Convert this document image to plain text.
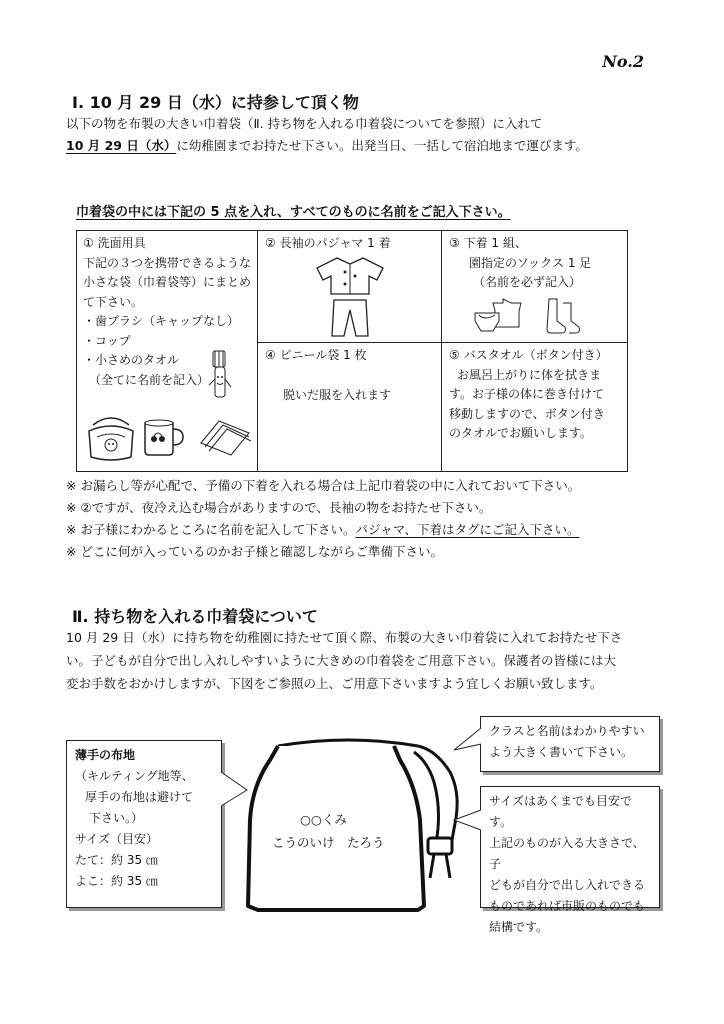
No.2
Ⅰ. 10 月 29 日（水）に持参して頂く物
以下の物を布製の大きい巾着袋（Ⅱ. 持ち物を入れる巾着袋についてを参照）に入れて
10 月 29 日（水）に幼稚園までお持たせ下さい。出発当日、一括して宿泊地まで運びます。
巾着袋の中には下記の 5 点を入れ、すべてのものに名前をご記入下さい。
① 洗面用具
下記の３つを携帯できるような
小さな袋（巾着袋等）にまとめ
て下さい。
・歯ブラシ（キャップなし）
・コップ
・小さめのタオル
（全てに名前を記入）
② 長袖のパジャマ 1 着	③ 下着 1 組、
園指定のソックス 1 足
（名前を必ず記入）
④ ビニール袋 1 枚
脱いだ服を入れます
⑤ バスタオル（ボタン付き）
お風呂上がりに体を拭きま
す。お子様の体に巻き付けて
移動しますので、ボタン付き
のタオルでお願いします。
※ お漏らし等が心配で、予備の下着を入れる場合は上記巾着袋の中に入れておいて下さい。
※ ②ですが、夜冷え込む場合がありますので、長袖の物をお持たせ下さい。
※ お子様にわかるところに名前を記入して下さい。パジャマ、下着はタグにご記入下さい。
※ どこに何が入っているのかお子様と確認しながらご準備下さい。
Ⅱ. 持ち物を入れる巾着袋について
10 月 29 日（水）に持ち物を幼稚園に持たせて頂く際、布製の大きい巾着袋に入れてお持たせ下さ
い。子どもが自分で出し入れしやすいように大きめの巾着袋をご用意下さい。保護者の皆様には大
変お手数をおかけしますが、下図をご参照の上、ご用意下さいますよう宜しくお願い致します。
○○くみ
こうのいけ　たろう
薄手の布地
（キルティング地等、
厚手の布地は避けて
下さい。）
サイズ（目安）
たて：約 35 ㎝
よこ：約 35 ㎝
クラスと名前はわかりやすい
よう大きく書いて下さい。
サイズはあくまでも目安です。
上記のものが入る大きさで、子
どもが自分で出し入れできる
ものであれば市販のものでも
結構です。
